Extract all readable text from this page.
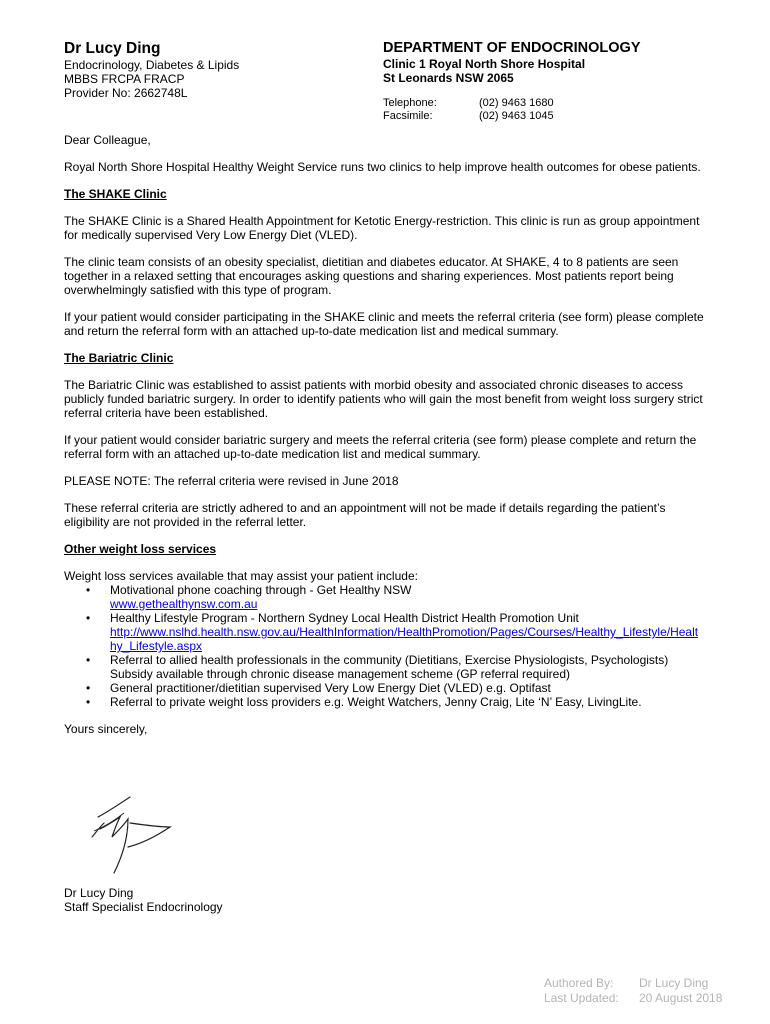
Dr Lucy Ding
Endocrinology, Diabetes & Lipids
MBBS FRCPA FRACP
Provider No: 2662748L
DEPARTMENT OF ENDOCRINOLOGY
Clinic 1 Royal North Shore Hospital
St Leonards NSW 2065
Telephone:	(02) 9463 1680
Facsimile:	(02) 9463 1045

Dear Colleague,

Royal North Shore Hospital Healthy Weight Service runs two clinics to help improve health outcomes for obese patients.

The SHAKE Clinic

The SHAKE Clinic is a Shared Health Appointment for Ketotic Energy-restriction. This clinic is run as group appointment for medically supervised Very Low Energy Diet (VLED).

The clinic team consists of an obesity specialist, dietitian and diabetes educator. At SHAKE, 4 to 8 patients are seen together in a relaxed setting that encourages asking questions and sharing experiences. Most patients report being overwhelmingly satisfied with this type of program.

If your patient would consider participating in the SHAKE clinic and meets the referral criteria (see form) please complete and return the referral form with an attached up-to-date medication list and medical summary.

The Bariatric Clinic

The Bariatric Clinic was established to assist patients with morbid obesity and associated chronic diseases to access publicly funded bariatric surgery. In order to identify patients who will gain the most benefit from weight loss surgery strict referral criteria have been established.

If your patient would consider bariatric surgery and meets the referral criteria (see form) please complete and return the referral form with an attached up-to-date medication list and medical summary.

PLEASE NOTE: The referral criteria were revised in June 2018

These referral criteria are strictly adhered to and an appointment will not be made if details regarding the patient’s eligibility are not provided in the referral letter.

Other weight loss services
Weight loss services available that may assist your patient include:
• Motivational phone coaching through - Get Healthy NSW
www.gethealthynsw.com.au
• Healthy Lifestyle Program - Northern Sydney Local Health District Health Promotion Unit
http://www.nslhd.health.nsw.gov.au/HealthInformation/HealthPromotion/Pages/Courses/Healthy_Lifestyle/Healthy_Lifestyle.aspx
• Referral to allied health professionals in the community (Dietitians, Exercise Physiologists, Psychologists)
Subsidy available through chronic disease management scheme (GP referral required)
• General practitioner/dietitian supervised Very Low Energy Diet (VLED) e.g. Optifast
• Referral to private weight loss providers e.g. Weight Watchers, Jenny Craig, Lite ‘N’ Easy, LivingLite.

Yours sincerely,

Dr Lucy Ding
Staff Specialist Endocrinology
Authored By:	Dr Lucy Ding
Last Updated:	20 August 2018
